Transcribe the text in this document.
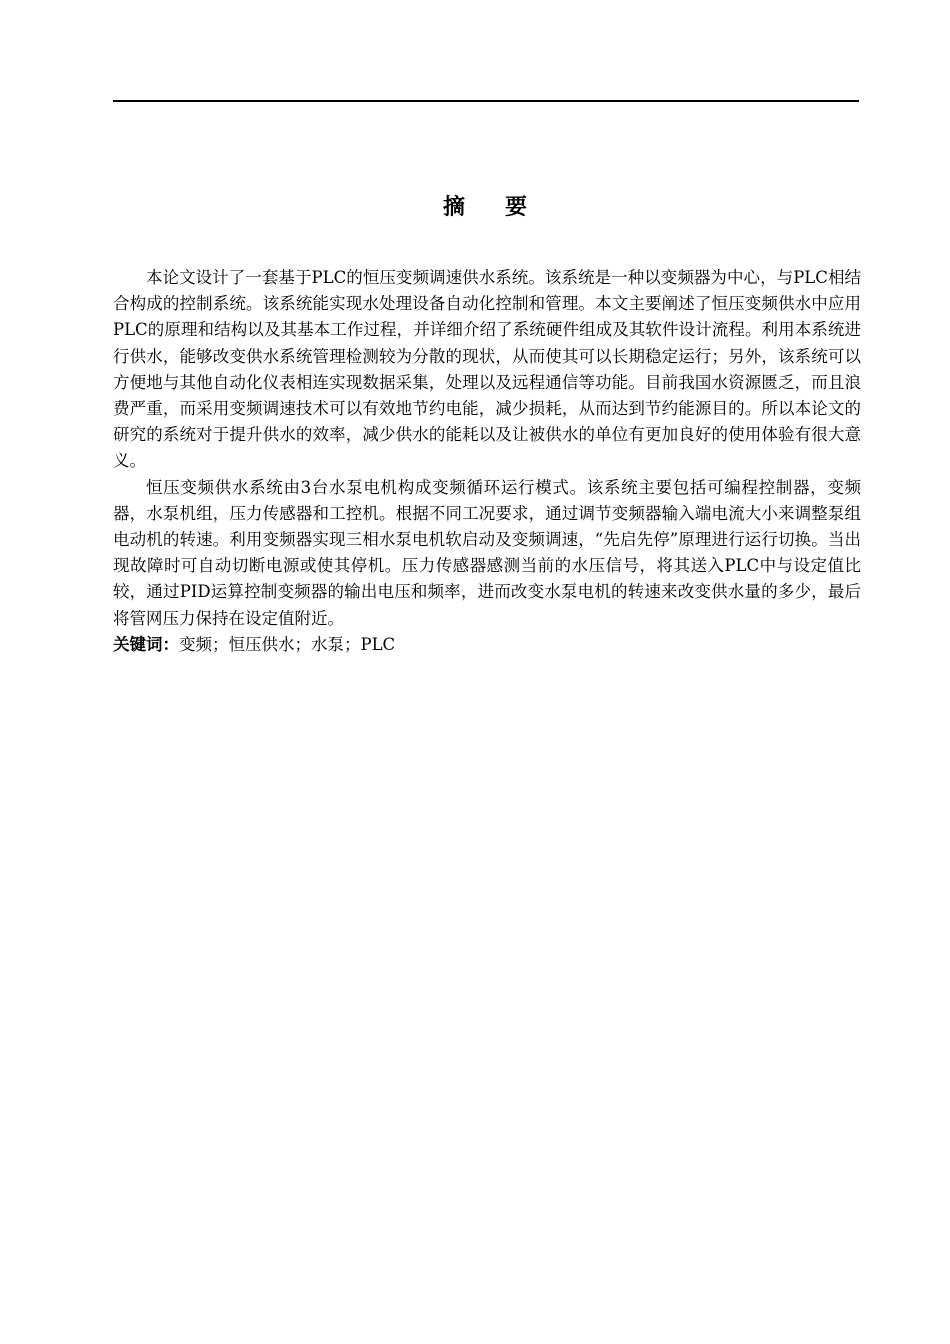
摘 要

本论文设计了一套基于PLC的恒压变频调速供水系统。该系统是一种以变频器为中心，与PLC相结合构成的控制系统。该系统能实现水处理设备自动化控制和管理。本文主要阐述了恒压变频供水中应用PLC的原理和结构以及其基本工作过程，并详细介绍了系统硬件组成及其软件设计流程。利用本系统进行供水，能够改变供水系统管理检测较为分散的现状，从而使其可以长期稳定运行；另外，该系统可以方便地与其他自动化仪表相连实现数据采集，处理以及远程通信等功能。目前我国水资源匮乏，而且浪费严重，而采用变频调速技术可以有效地节约电能，减少损耗，从而达到节约能源目的。所以本论文的研究的系统对于提升供水的效率，减少供水的能耗以及让被供水的单位有更加良好的使用体验有很大意义。

恒压变频供水系统由3台水泵电机构成变频循环运行模式。该系统主要包括可编程控制器，变频器，水泵机组，压力传感器和工控机。根据不同工况要求，通过调节变频器输入端电流大小来调整泵组电动机的转速。利用变频器实现三相水泵电机软启动及变频调速，“先启先停”原理进行运行切换。当出现故障时可自动切断电源或使其停机。压力传感器感测当前的水压信号，将其送入PLC中与设定值比较，通过PID运算控制变频器的输出电压和频率，进而改变水泵电机的转速来改变供水量的多少，最后将管网压力保持在设定值附近。

关键词：变频；恒压供水；水泵；PLC
